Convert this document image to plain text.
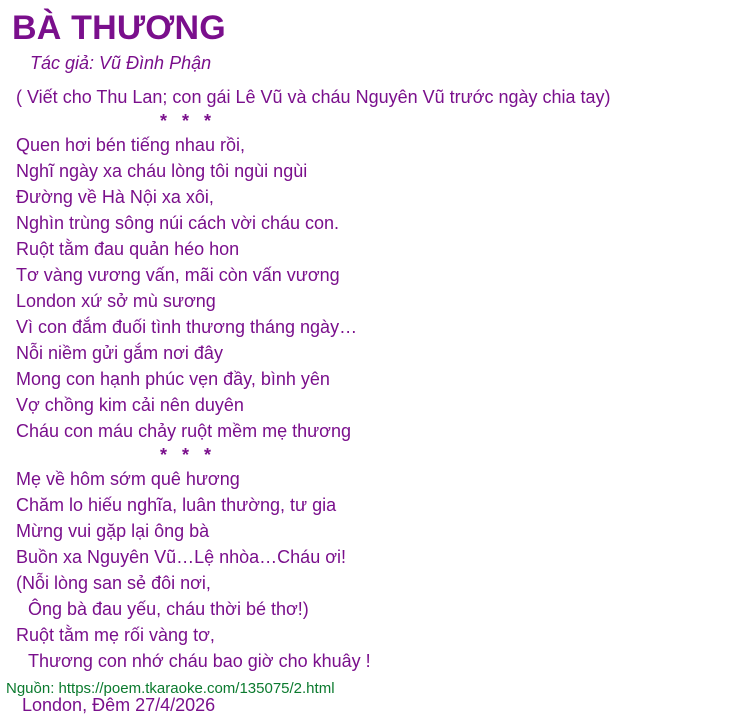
BÀ THƯƠNG
Tác giả: Vũ Đình Phận
( Viết cho Thu Lan; con gái Lê Vũ và cháu Nguyên Vũ trước ngày chia tay)
* * *
Quen hơi bén tiếng nhau rồi,
Nghĩ ngày xa cháu lòng tôi ngùi ngùi
Đường về Hà Nội xa xôi,
Nghìn trùng sông núi cách vời cháu con.
Ruột tằm đau quản héo hon
Tơ vàng vương vấn, mãi còn vấn vương
London xứ sở mù sương
Vì con đắm đuối tình thương tháng ngày…
Nỗi niềm gửi gắm nơi đây
Mong con hạnh phúc vẹn đầy, bình yên
Vợ chồng kim cải nên duyên
Cháu con máu chảy ruột mềm mẹ thương
* * *
Mẹ về hôm sớm quê hương
Chăm lo hiếu nghĩa, luân thường, tư gia
Mừng vui gặp lại ông bà
Buồn xa Nguyên Vũ…Lệ nhòa…Cháu ơi!
(Nỗi lòng san sẻ đôi nơi,
Ông bà đau yếu, cháu thời bé thơ!)
Ruột tằm mẹ rối vàng tơ,
Thương con nhớ cháu bao giờ cho khuây !
London, Đêm 27/4/2026
Nguồn: https://poem.tkaraoke.com/135075/2.html
